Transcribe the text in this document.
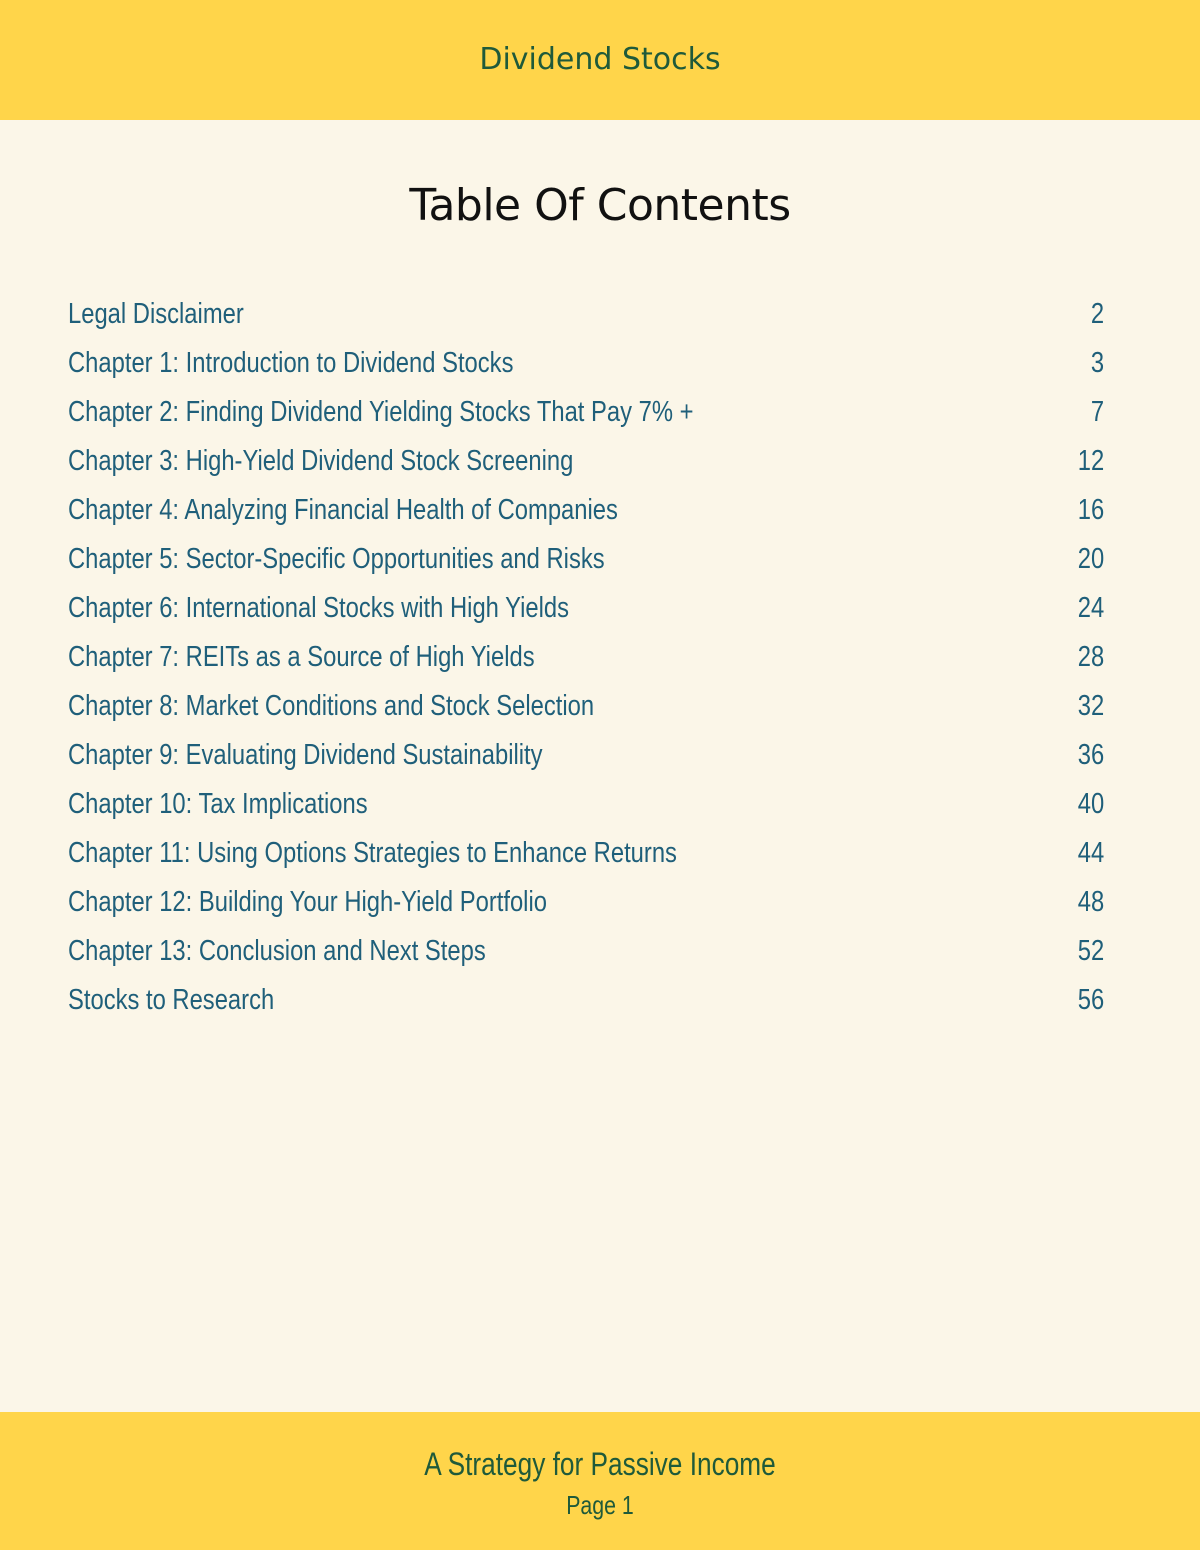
Dividend Stocks
Table Of Contents
Legal Disclaimer	2
Chapter 1: Introduction to Dividend Stocks	3
Chapter 2: Finding Dividend Yielding Stocks That Pay 7% +	7
Chapter 3: High-Yield Dividend Stock Screening	12
Chapter 4: Analyzing Financial Health of Companies	16
Chapter 5: Sector-Specific Opportunities and Risks	20
Chapter 6: International Stocks with High Yields	24
Chapter 7: REITs as a Source of High Yields	28
Chapter 8: Market Conditions and Stock Selection	32
Chapter 9: Evaluating Dividend Sustainability	36
Chapter 10: Tax Implications	40
Chapter 11: Using Options Strategies to Enhance Returns	44
Chapter 12: Building Your High-Yield Portfolio	48
Chapter 13: Conclusion and Next Steps	52
Stocks to Research	56
A Strategy for Passive Income
Page 1
